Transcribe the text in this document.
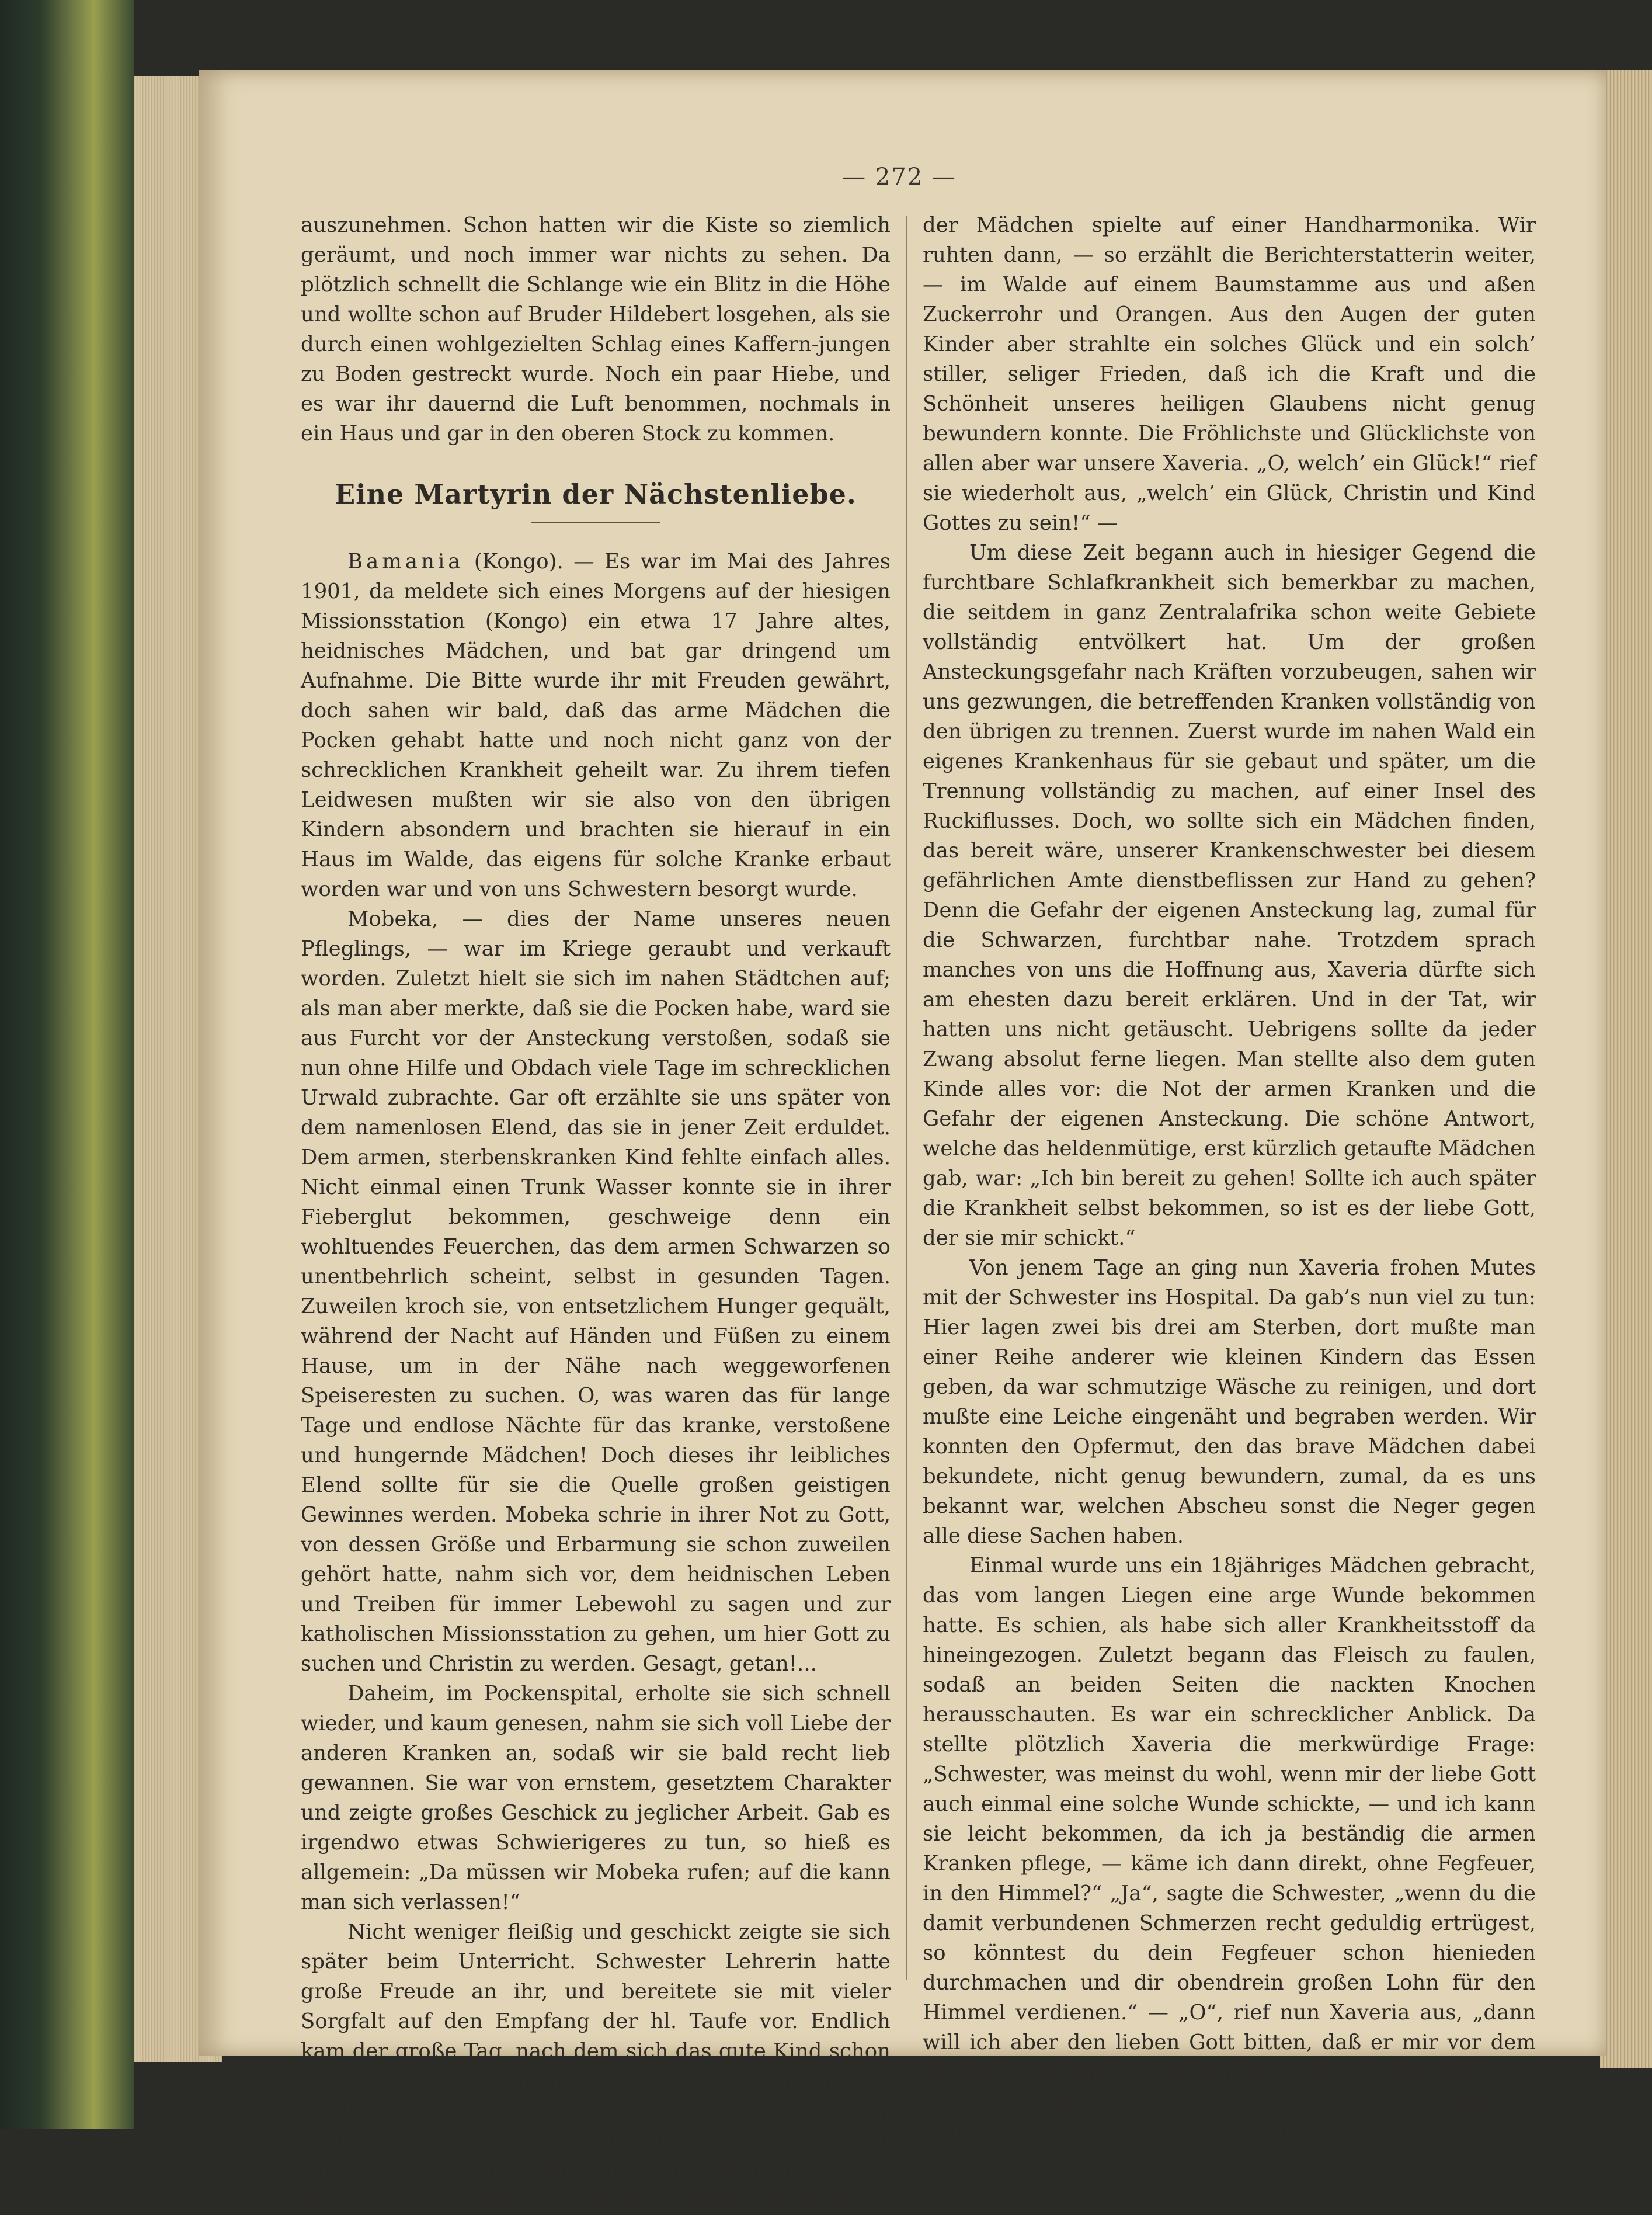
— 272 —

auszunehmen. Schon hatten wir die Kiste so ziemlich geräumt, und noch immer war nichts zu sehen. Da plötzlich schnellt die Schlange wie ein Blitz in die Höhe und wollte schon auf Bruder Hildebert losgehen, als sie durch einen wohlgezielten Schlag eines Kaffern-jungen zu Boden gestreckt wurde. Noch ein paar Hiebe, und es war ihr dauernd die Luft benommen, nochmals in ein Haus und gar in den oberen Stock zu kommen.

Eine Martyrin der Nächstenliebe.

Bamania (Kongo). — Es war im Mai des Jahres 1901, da meldete sich eines Morgens auf der hiesigen Missionsstation (Kongo) ein etwa 17 Jahre altes, heidnisches Mädchen, und bat gar dringend um Aufnahme. Die Bitte wurde ihr mit Freuden gewährt, doch sahen wir bald, daß das arme Mädchen die Pocken gehabt hatte und noch nicht ganz von der schrecklichen Krankheit geheilt war. Zu ihrem tiefen Leidwesen mußten wir sie also von den übrigen Kindern absondern und brachten sie hierauf in ein Haus im Walde, das eigens für solche Kranke erbaut worden war und von uns Schwestern besorgt wurde.

Mobeka, — dies der Name unseres neuen Pfleglings, — war im Kriege geraubt und verkauft worden. Zuletzt hielt sie sich im nahen Städtchen auf; als man aber merkte, daß sie die Pocken habe, ward sie aus Furcht vor der Ansteckung verstoßen, sodaß sie nun ohne Hilfe und Obdach viele Tage im schrecklichen Urwald zubrachte. Gar oft erzählte sie uns später von dem namenlosen Elend, das sie in jener Zeit erduldet. Dem armen, sterbenskranken Kind fehlte einfach alles. Nicht einmal einen Trunk Wasser konnte sie in ihrer Fieberglut bekommen, geschweige denn ein wohltuendes Feuerchen, das dem armen Schwarzen so unentbehrlich scheint, selbst in gesunden Tagen. Zuweilen kroch sie, von entsetzlichem Hunger gequält, während der Nacht auf Händen und Füßen zu einem Hause, um in der Nähe nach weggeworfenen Speiseresten zu suchen. O, was waren das für lange Tage und endlose Nächte für das kranke, verstoßene und hungernde Mädchen! Doch dieses ihr leibliches Elend sollte für sie die Quelle großen geistigen Gewinnes werden. Mobeka schrie in ihrer Not zu Gott, von dessen Größe und Erbarmung sie schon zuweilen gehört hatte, nahm sich vor, dem heidnischen Leben und Treiben für immer Lebewohl zu sagen und zur katholischen Missionsstation zu gehen, um hier Gott zu suchen und Christin zu werden. Gesagt, getan!...

Daheim, im Pockenspital, erholte sie sich schnell wieder, und kaum genesen, nahm sie sich voll Liebe der anderen Kranken an, sodaß wir sie bald recht lieb gewannen. Sie war von ernstem, gesetztem Charakter und zeigte großes Geschick zu jeglicher Arbeit. Gab es irgendwo etwas Schwierigeres zu tun, so hieß es allgemein: „Da müssen wir Mobeka rufen; auf die kann man sich verlassen!“

Nicht weniger fleißig und geschickt zeigte sie sich später beim Unterricht. Schwester Lehrerin hatte große Freude an ihr, und bereitete sie mit vieler Sorgfalt auf den Empfang der hl. Taufe vor. Endlich kam der große Tag, nach dem sich das gute Kind schon lange so sehr gesehnt hatte und Mobeka empfing die hl. Taufe und erhielt dabei den Namen Xaveria. Im Laufe des Nachmittags machte die Schwester Lehrerin mit den neugetauften Mädchen einen kleinen Ausflug. Man sang verschiedene christliche Lieder, und eines

der Mädchen spielte auf einer Handharmonika. Wir ruhten dann, — so erzählt die Berichterstatterin weiter, — im Walde auf einem Baumstamme aus und aßen Zuckerrohr und Orangen. Aus den Augen der guten Kinder aber strahlte ein solches Glück und ein solch’ stiller, seliger Frieden, daß ich die Kraft und die Schönheit unseres heiligen Glaubens nicht genug bewundern konnte. Die Fröhlichste und Glücklichste von allen aber war unsere Xaveria. „O, welch’ ein Glück!“ rief sie wiederholt aus, „welch’ ein Glück, Christin und Kind Gottes zu sein!“ —

Um diese Zeit begann auch in hiesiger Gegend die furchtbare Schlafkrankheit sich bemerkbar zu machen, die seitdem in ganz Zentralafrika schon weite Gebiete vollständig entvölkert hat. Um der großen Ansteckungsgefahr nach Kräften vorzubeugen, sahen wir uns gezwungen, die betreffenden Kranken vollständig von den übrigen zu trennen. Zuerst wurde im nahen Wald ein eigenes Krankenhaus für sie gebaut und später, um die Trennung vollständig zu machen, auf einer Insel des Ruckiflusses. Doch, wo sollte sich ein Mädchen finden, das bereit wäre, unserer Krankenschwester bei diesem gefährlichen Amte dienstbeflissen zur Hand zu gehen? Denn die Gefahr der eigenen Ansteckung lag, zumal für die Schwarzen, furchtbar nahe. Trotzdem sprach manches von uns die Hoffnung aus, Xaveria dürfte sich am ehesten dazu bereit erklären. Und in der Tat, wir hatten uns nicht getäuscht. Uebrigens sollte da jeder Zwang absolut ferne liegen. Man stellte also dem guten Kinde alles vor: die Not der armen Kranken und die Gefahr der eigenen Ansteckung. Die schöne Antwort, welche das heldenmütige, erst kürzlich getaufte Mädchen gab, war: „Ich bin bereit zu gehen! Sollte ich auch später die Krankheit selbst bekommen, so ist es der liebe Gott, der sie mir schickt.“

Von jenem Tage an ging nun Xaveria frohen Mutes mit der Schwester ins Hospital. Da gab’s nun viel zu tun: Hier lagen zwei bis drei am Sterben, dort mußte man einer Reihe anderer wie kleinen Kindern das Essen geben, da war schmutzige Wäsche zu reinigen, und dort mußte eine Leiche eingenäht und begraben werden. Wir konnten den Opfermut, den das brave Mädchen dabei bekundete, nicht genug bewundern, zumal, da es uns bekannt war, welchen Abscheu sonst die Neger gegen alle diese Sachen haben.

Einmal wurde uns ein 18jähriges Mädchen gebracht, das vom langen Liegen eine arge Wunde bekommen hatte. Es schien, als habe sich aller Krankheitsstoff da hineingezogen. Zuletzt begann das Fleisch zu faulen, sodaß an beiden Seiten die nackten Knochen herausschauten. Es war ein schrecklicher Anblick. Da stellte plötzlich Xaveria die merkwürdige Frage: „Schwester, was meinst du wohl, wenn mir der liebe Gott auch einmal eine solche Wunde schickte, — und ich kann sie leicht bekommen, da ich ja beständig die armen Kranken pflege, — käme ich dann direkt, ohne Fegfeuer, in den Himmel?“ „Ja“, sagte die Schwester, „wenn du die damit verbundenen Schmerzen recht geduldig ertrügest, so könntest du dein Fegfeuer schon hienieden durchmachen und dir obendrein großen Lohn für den Himmel verdienen.“ — „O“, rief nun Xaveria aus, „dann will ich aber den lieben Gott bitten, daß er mir vor dem Sterben auch eine solche Wunde schickt.“ Und dieser ihr heldenmütiger Wunsch sollte in der Tat buchstäblich erfüllt werden. Doch, wir wollen der Geschichte nicht vorgreifen.
